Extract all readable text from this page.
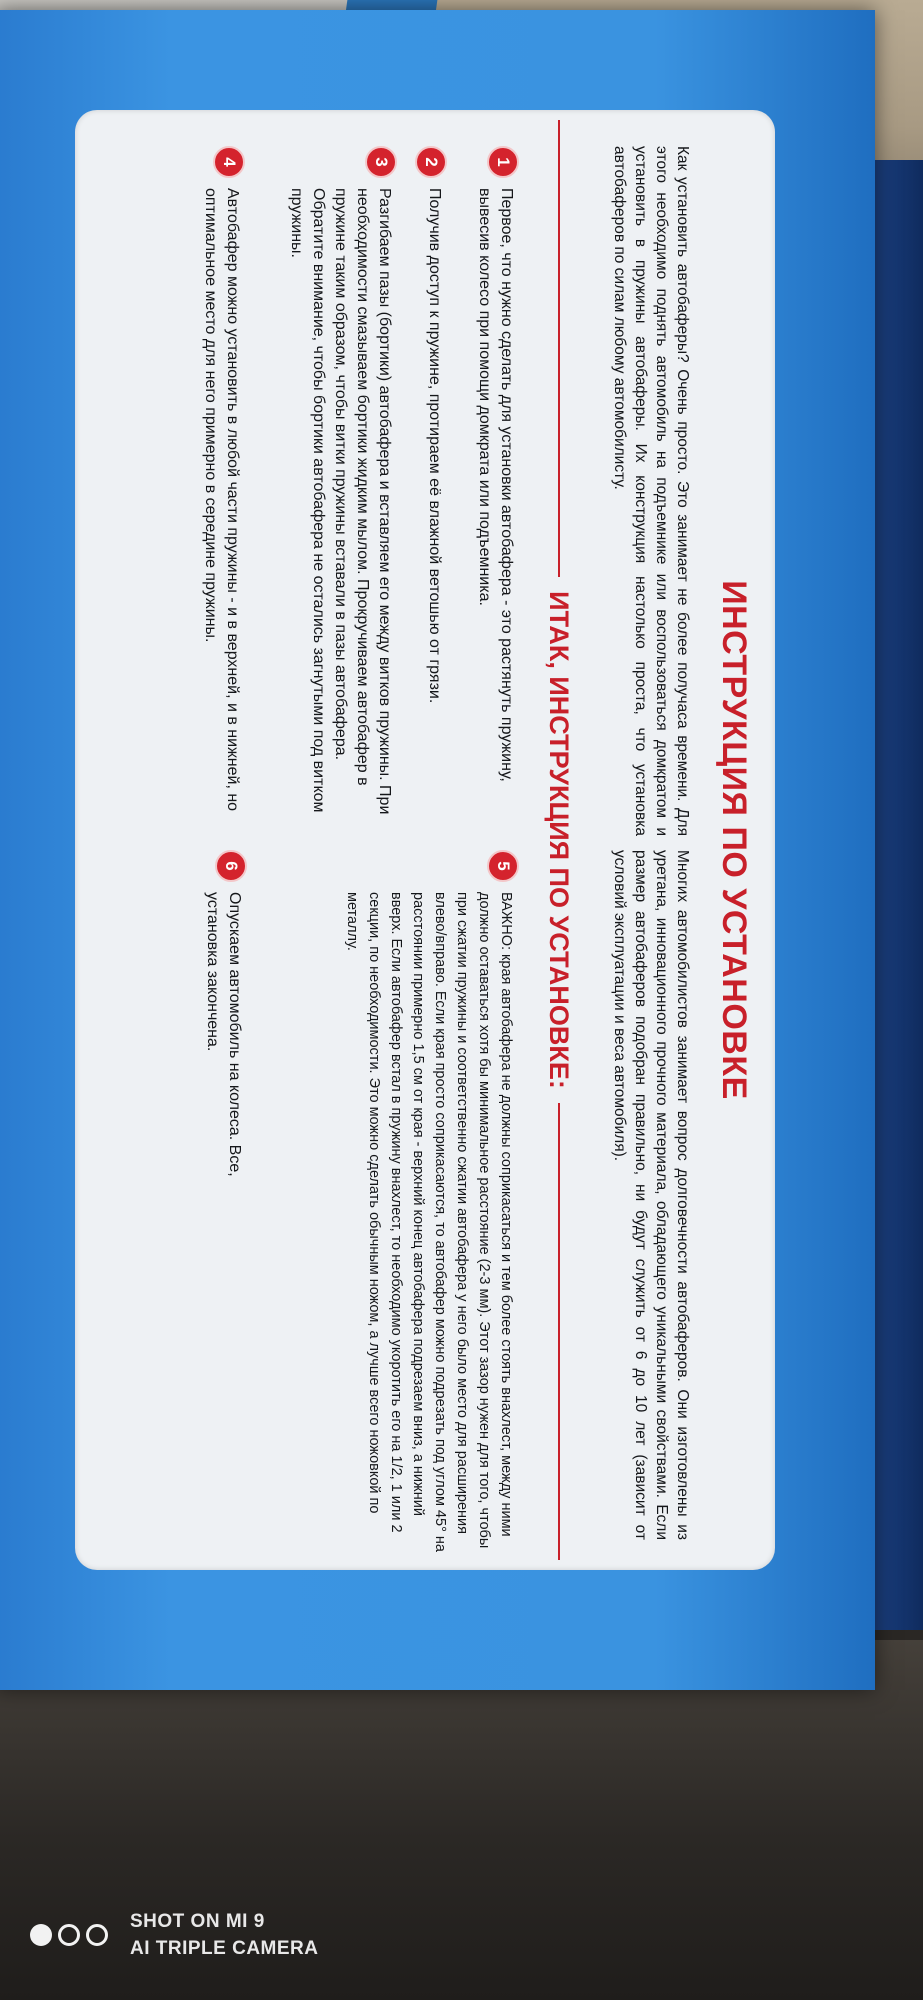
ИНСТРУКЦИЯ ПО УСТАНОВКЕ
Как установить автобаферы? Очень просто. Это занимает не более получаса времени. Для этого необходимо поднять автомобиль на подъемнике или воспользоваться домкратом и установить в пружины автобаферы. Их конструкция настолько проста, что установка автобаферов по силам любому автомобилисту.
Многих автомобилистов занимает вопрос долговечности автобаферов. Они изготовлены из уретана, инновационного прочного материала, обладающего уникальными свойствами. Если размер автобаферов подобран правильно, ни будут служить от 6 до 10 лет (зависит от условий эксплуатации и веса автомобиля).
ИТАК, ИНСТРУКЦИЯ ПО УСТАНОВКЕ:
1
Первое, что нужно сделать для установки автобафера - это растянуть пружину, вывесив колесо при помощи домкрата или подъемника.
2
Получив доступ к пружине, протираем её влажной ветошью от грязи.
3
Разгибаем пазы (бортики) автобафера и вставляем его между витков пружины. При необходимости смазываем бортики жидким мылом. Прокручиваем автобафер в пружине таким образом, чтобы витки пружины вставали в пазы автобафера. Обратите внимание, чтобы бортики автобафера не остались загнутыми под витком пружины.
4
Автобафер можно установить в любой части пружины - и в верхней, и в нижней, но оптимальное место для него примерно в середине пружины.
5
ВАЖНО: края автобафера не должны соприкасаться и тем более стоять внахлест, между ними должно оставаться хотя бы минимальное расстояние (2-3 мм). Этот зазор нужен для того, чтобы при сжатии пружины и соответственно сжатии автобафера у него было место для расширения влево/вправо. Если края просто соприкасаются, то автобафер можно подрезать под углом 45° на расстоянии примерно 1,5 см от края - верхний конец автобафера подрезаем вниз, а нижний вверх. Если автобафер встал в пружину внахлест, то необходимо укоротить его на 1/2, 1 или 2 секции, по необходимости. Это можно сделать обычным ножом, а лучше всего ножовкой по металлу.
6
Опускаем автомобиль на колеса. Все, установка закончена.
SHOT ON MI 9
AI TRIPLE CAMERA
